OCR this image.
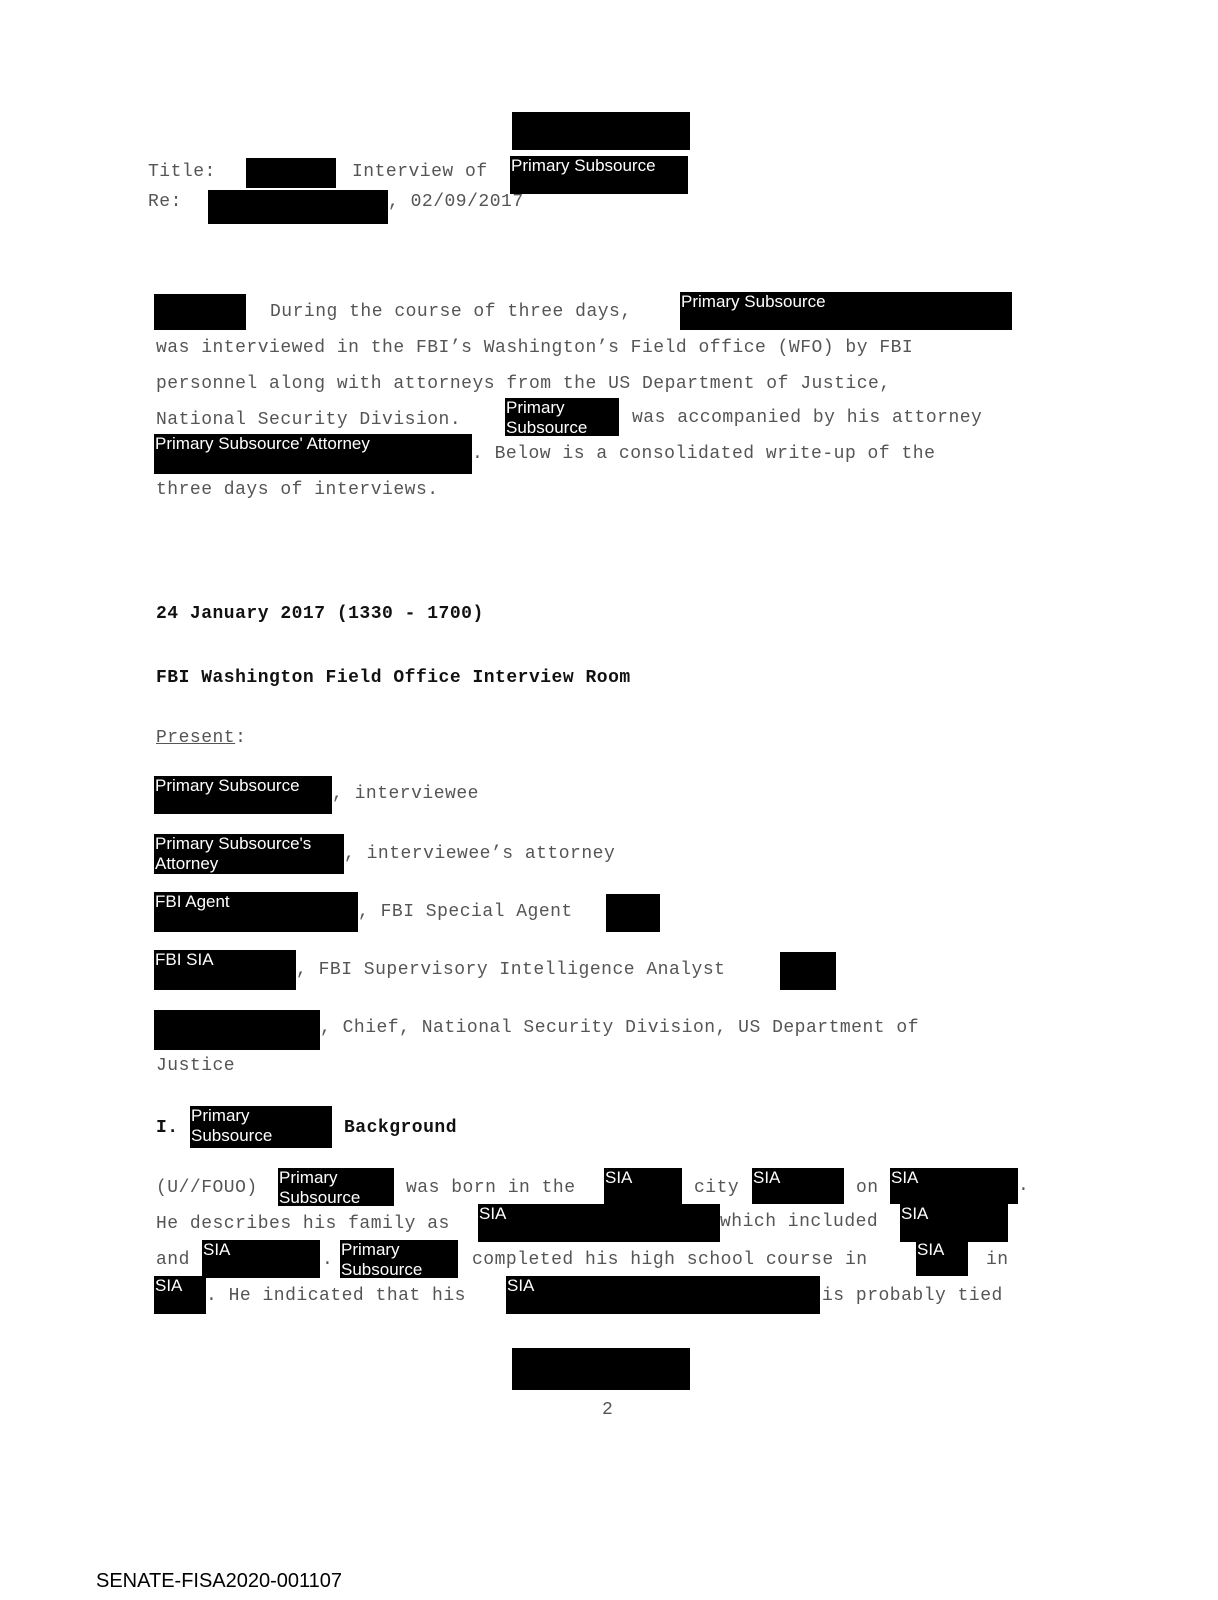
Title:	Interview of Primary Subsource
Re:	, 02/09/2017
During the course of three days,
Primary Subsource
was interviewed in the FBI’s Washington’s Field office (WFO) by FBI
personnel along with attorneys from the US Department of Justice,
National Security Division.
Primary Subsource	was accompanied by his attorney
Primary Subsource' Attorney
. Below is a consolidated write-up of the
three days of interviews.
24 January 2017 (1330 - 1700)
FBI Washington Field Office Interview Room
Present:
Primary Subsource	, interviewee
Primary Subsource's Attorney	, interviewee’s attorney
FBI Agent
, FBI Special Agent
FBI SIA
, FBI Supervisory Intelligence Analyst
, Chief, National Security Division, US Department of
Justice
I.
Primary Subsource	Background
(U//FOUO)
Primary Subsource	was born in the
SIA
city
SIA
on
SIA	.
He describes his family as
SIA	which included SIA
and
SIA
.
Primary Subsource	completed his high school course in
SIA
in
SIA
. He indicated that his
SIA
is probably tied
2
SENATE-FISA2020-001107
